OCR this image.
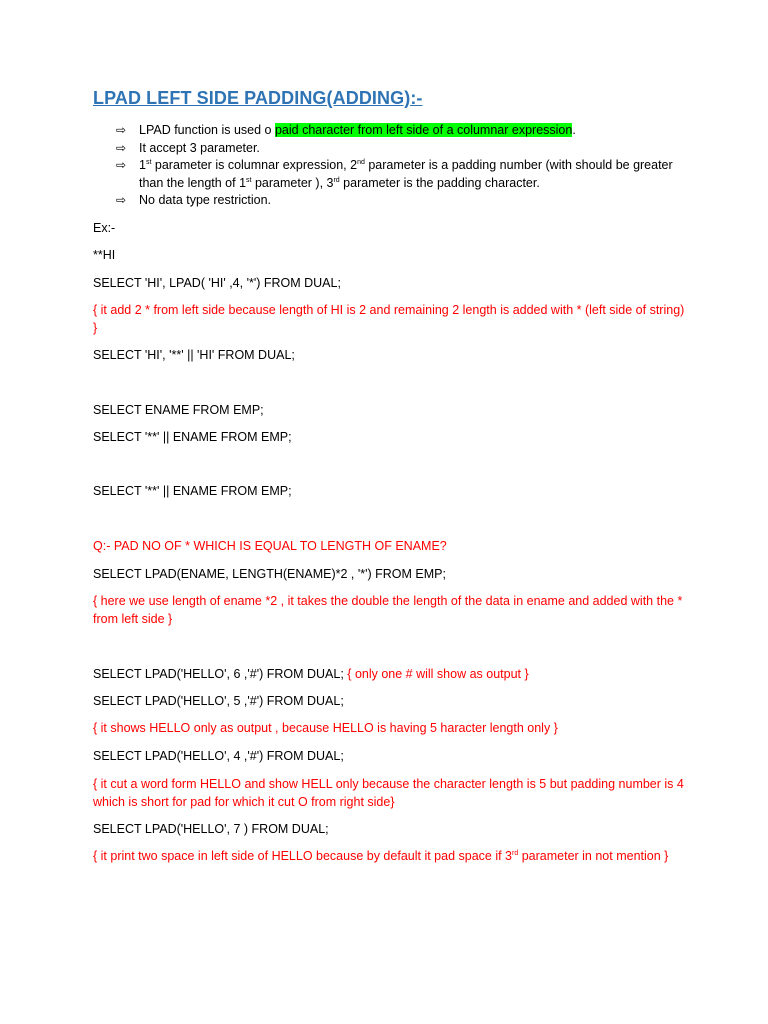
LPAD LEFT SIDE PADDING(ADDING):-
⇨ LPAD function is used o paid character from left side of a columnar expression.
⇨ It accept 3 parameter.
⇨ 1st parameter is columnar expression, 2nd parameter is a padding number (with should be greater than the length of 1st parameter ), 3rd parameter is the padding character.
⇨ No data type restriction.

Ex:-

**HI

SELECT 'HI', LPAD( 'HI' ,4, '*') FROM DUAL;

{ it add 2 * from left side because length of HI is 2 and remaining 2 length is added with * (left side of string) }

SELECT 'HI', '**' || 'HI' FROM DUAL;

SELECT ENAME FROM EMP;

SELECT '**' || ENAME FROM EMP;

SELECT '**' || ENAME FROM EMP;

Q:- PAD NO OF * WHICH IS EQUAL TO LENGTH OF ENAME?

SELECT LPAD(ENAME, LENGTH(ENAME)*2 , '*') FROM EMP;

{ here we use length of ename *2 , it takes the double the length of the data in ename and added with the * from left side }

SELECT LPAD('HELLO', 6 ,'#') FROM DUAL; { only one # will show as output }

SELECT LPAD('HELLO', 5 ,'#') FROM DUAL;

{ it shows HELLO only as output , because HELLO is having 5 haracter length only }

SELECT LPAD('HELLO', 4 ,'#') FROM DUAL;

{ it cut a word form HELLO and show HELL only because the character length is 5 but padding number is 4 which is short for pad for which it cut O from right side}

SELECT LPAD('HELLO', 7 ) FROM DUAL;

{ it print two space in left side of HELLO because by default it pad space if 3rd parameter in not mention }
